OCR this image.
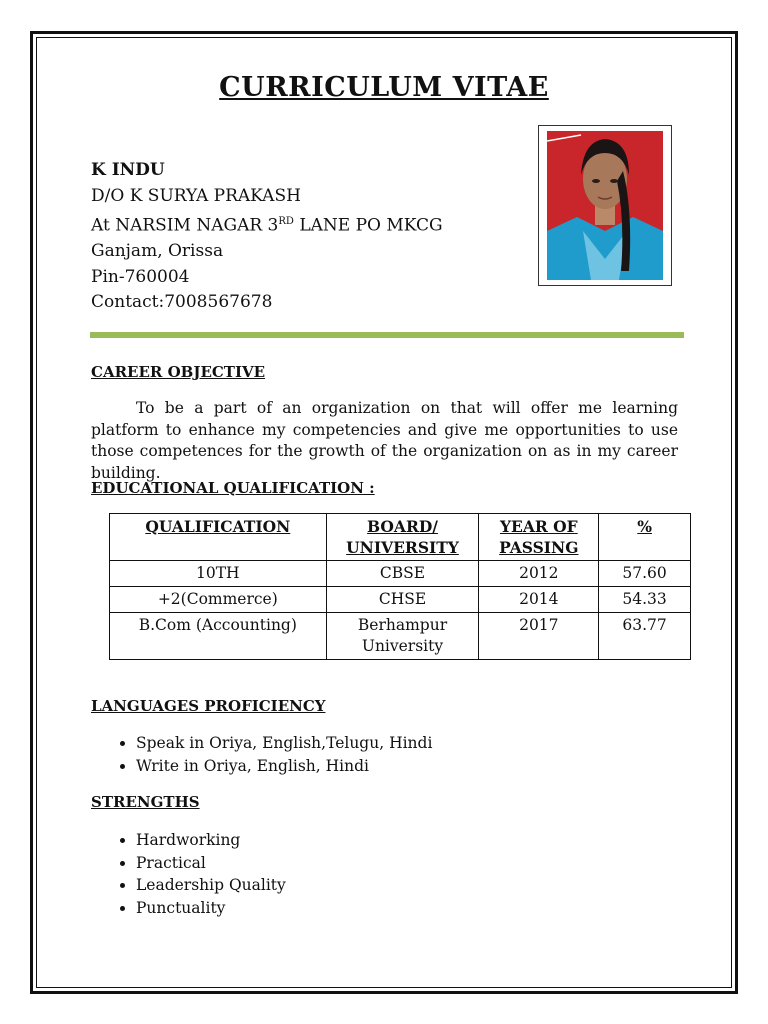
CURRICULUM VITAE
K INDU
D/O K SURYA PRAKASH
At NARSIM NAGAR 3RD LANE PO MKCG
Ganjam, Orissa
Pin-760004
Contact:7008567678
CAREER OBJECTIVE
To be a part of an organization on that will offer me learning platform to enhance my competencies and give me opportunities to use those competences for the growth of the organization on as in my career building.
EDUCATIONAL QUALIFICATION :
QUALIFICATION	BOARD/ UNIVERSITY	YEAR OF PASSING	%
10TH	CBSE	2012	57.60
+2(Commerce)	CHSE	2014	54.33
B.Com (Accounting)	Berhampur University	2017	63.77
LANGUAGES PROFICIENCY
• Speak in Oriya, English,Telugu, Hindi
• Write in Oriya, English, Hindi
STRENGTHS
• Hardworking
• Practical
• Leadership Quality
• Punctuality
